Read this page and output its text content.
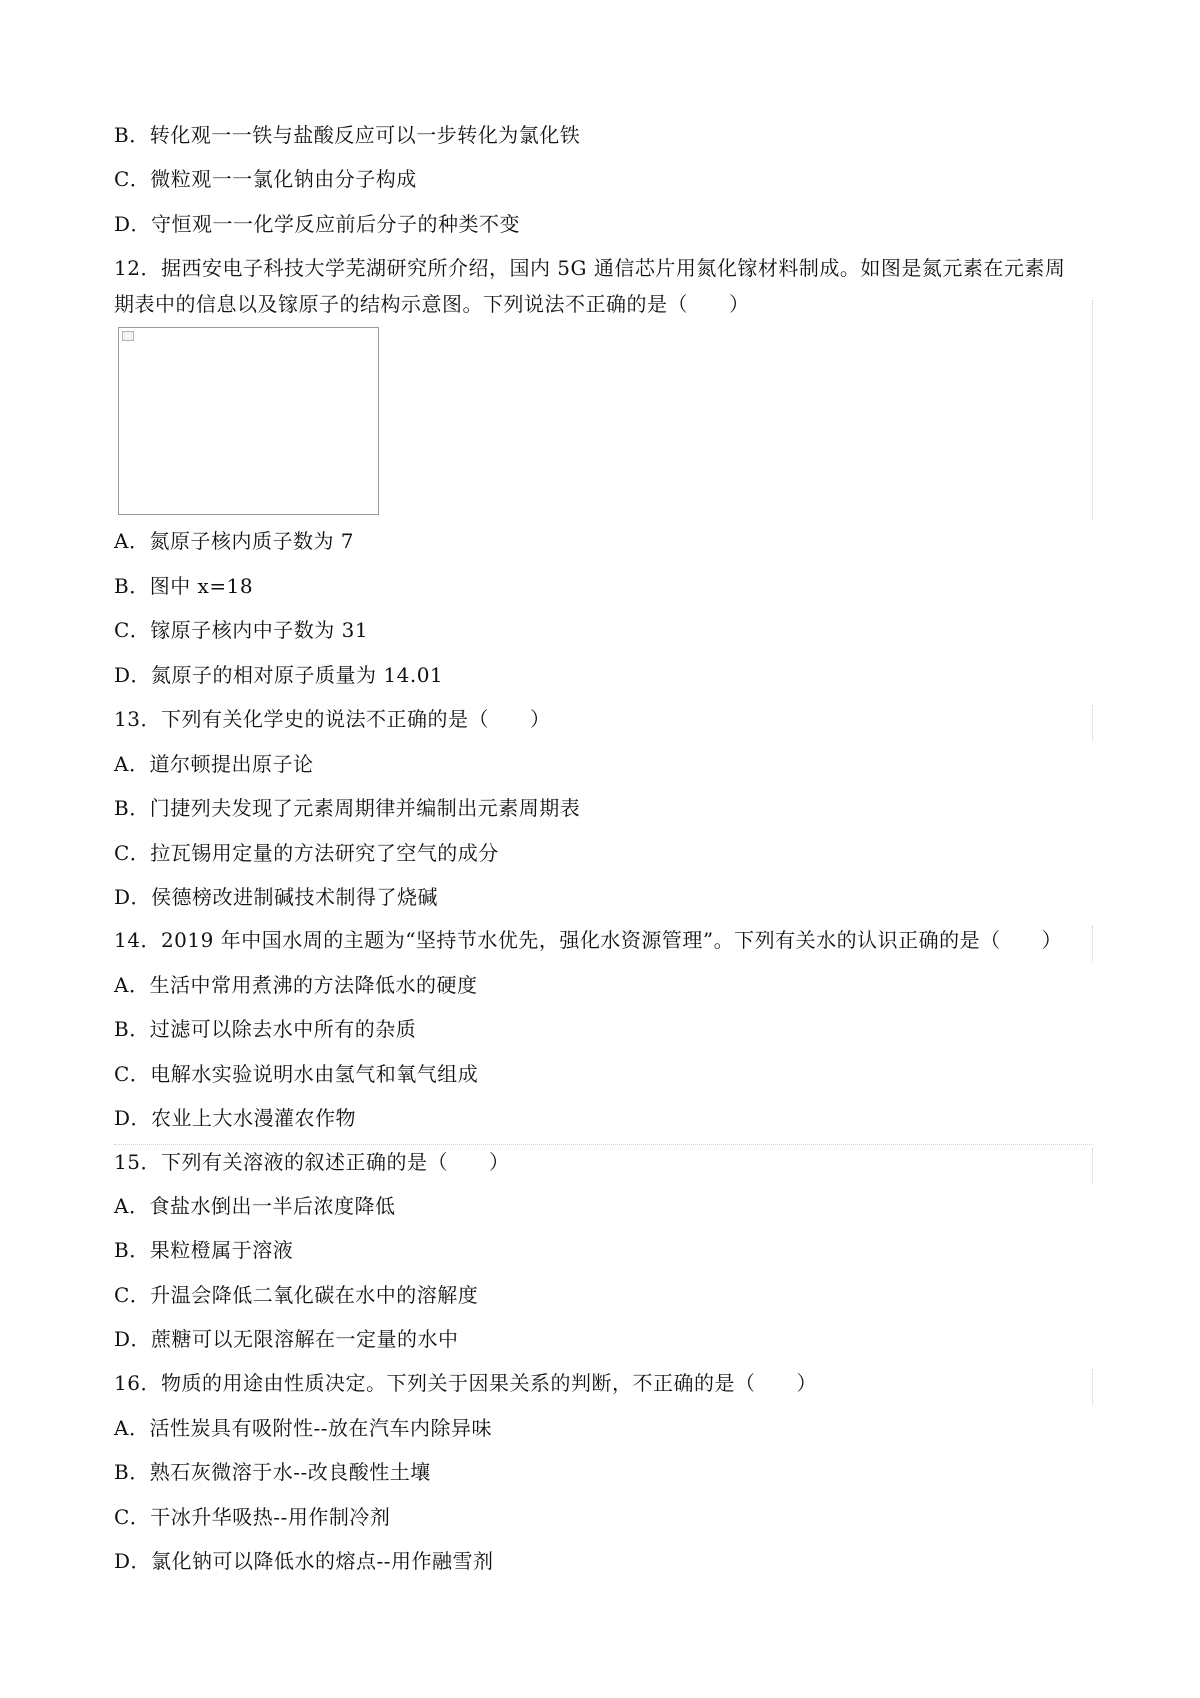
B．转化观一一铁与盐酸反应可以一步转化为氯化铁
C．微粒观一一氯化钠由分子构成
D．守恒观一一化学反应前后分子的种类不变
12．据西安电子科技大学芜湖研究所介绍，国内 5G 通信芯片用氮化镓材料制成。如图是氮元素在元素周
期表中的信息以及镓原子的结构示意图。下列说法不正确的是（　　）
A．氮原子核内质子数为 7
B．图中 x=18
C．镓原子核内中子数为 31
D．氮原子的相对原子质量为 14.01
13．下列有关化学史的说法不正确的是（　　）
A．道尔顿提出原子论
B．门捷列夫发现了元素周期律并编制出元素周期表
C．拉瓦锡用定量的方法研究了空气的成分
D．侯德榜改进制碱技术制得了烧碱
14．2019 年中国水周的主题为“坚持节水优先，强化水资源管理”。下列有关水的认识正确的是（　　）
A．生活中常用煮沸的方法降低水的硬度
B．过滤可以除去水中所有的杂质
C．电解水实验说明水由氢气和氧气组成
D．农业上大水漫灌农作物
15．下列有关溶液的叙述正确的是（　　）
A．食盐水倒出一半后浓度降低
B．果粒橙属于溶液
C．升温会降低二氧化碳在水中的溶解度
D．蔗糖可以无限溶解在一定量的水中
16．物质的用途由性质决定。下列关于因果关系的判断，不正确的是（　　）
A．活性炭具有吸附性--放在汽车内除异味
B．熟石灰微溶于水--改良酸性土壤
C．干冰升华吸热--用作制冷剂
D．氯化钠可以降低水的熔点--用作融雪剂
